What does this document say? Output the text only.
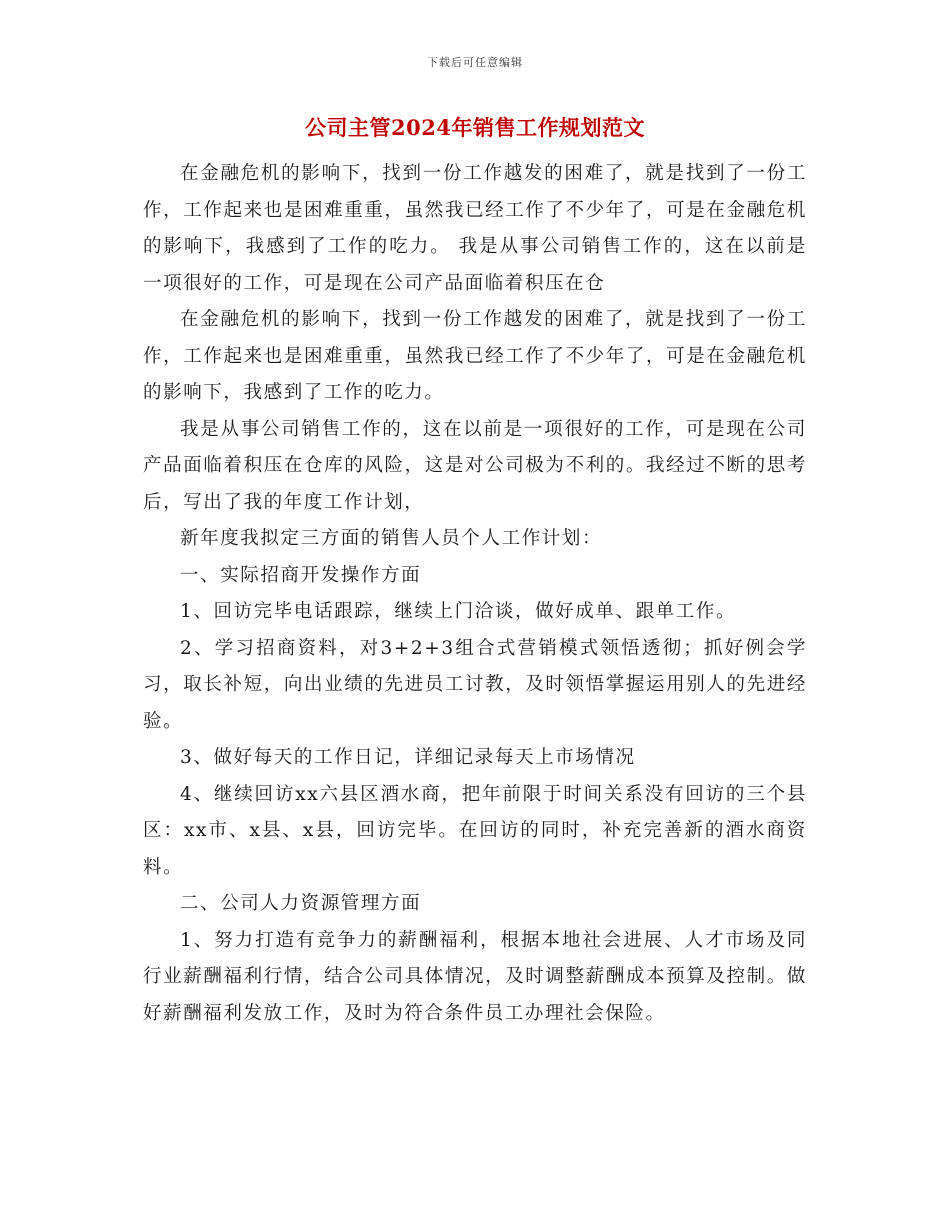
下载后可任意编辑
公司主管2024年销售工作规划范文

在金融危机的影响下，找到一份工作越发的困难了，就是找到了一份工作，工作起来也是困难重重，虽然我已经工作了不少年了，可是在金融危机的影响下，我感到了工作的吃力。 我是从事公司销售工作的，这在以前是一项很好的工作，可是现在公司产品面临着积压在仓

在金融危机的影响下，找到一份工作越发的困难了，就是找到了一份工作，工作起来也是困难重重，虽然我已经工作了不少年了，可是在金融危机的影响下，我感到了工作的吃力。

我是从事公司销售工作的，这在以前是一项很好的工作，可是现在公司产品面临着积压在仓库的风险，这是对公司极为不利的。我经过不断的思考后，写出了我的年度工作计划，

新年度我拟定三方面的销售人员个人工作计划：

一、实际招商开发操作方面

1、回访完毕电话跟踪，继续上门洽谈，做好成单、跟单工作。

2、学习招商资料，对3+2+3组合式营销模式领悟透彻；抓好例会学习，取长补短，向出业绩的先进员工讨教，及时领悟掌握运用别人的先进经验。

3、做好每天的工作日记，详细记录每天上市场情况

4、继续回访xx六县区酒水商，把年前限于时间关系没有回访的三个县区：xx市、x县、x县，回访完毕。在回访的同时，补充完善新的酒水商资料。

二、公司人力资源管理方面

1、努力打造有竞争力的薪酬福利，根据本地社会进展、人才市场及同行业薪酬福利行情，结合公司具体情况，及时调整薪酬成本预算及控制。做好薪酬福利发放工作，及时为符合条件员工办理社会保险。
